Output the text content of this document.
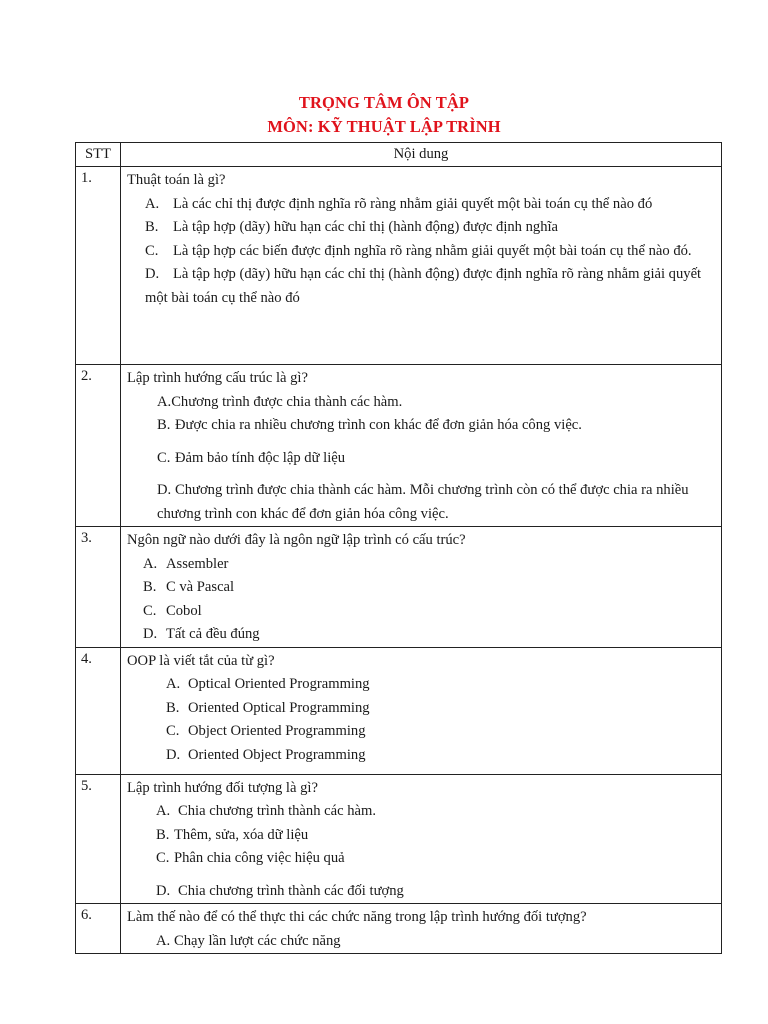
TRỌNG TÂM ÔN TẬP
MÔN: KỸ THUẬT LẬP TRÌNH
STT	Nội dung
1.	Thuật toán là gì?
A. Là các chỉ thị được định nghĩa rõ ràng nhằm giải quyết một bài toán cụ thể nào đó
B. Là tập hợp (dãy) hữu hạn các chỉ thị (hành động) được định nghĩa
C. Là tập hợp các biến được định nghĩa rõ ràng nhằm giải quyết một bài toán cụ thể nào đó.
D. Là tập hợp (dãy) hữu hạn các chỉ thị (hành động) được định nghĩa rõ ràng nhằm giải quyết một bài toán cụ thể nào đó

2.	Lập trình hướng cấu trúc là gì?
A.Chương trình được chia thành các hàm.
B. Được chia ra nhiều chương trình con khác để đơn giản hóa công việc.
C. Đảm bảo tính độc lập dữ liệu
D. Chương trình được chia thành các hàm. Mỗi chương trình còn có thể được chia ra nhiều chương trình con khác để đơn giản hóa công việc.

3.	Ngôn ngữ nào dưới đây là ngôn ngữ lập trình có cấu trúc?
A. Assembler
B. C và Pascal
C. Cobol
D. Tất cả đều đúng

4.	OOP là viết tắt của từ gì?
A. Optical Oriented Programming
B. Oriented Optical Programming
C. Object Oriented Programming
D. Oriented Object Programming

5.	Lập trình hướng đối tượng là gì?
A. Chia chương trình thành các hàm.
B. Thêm, sửa, xóa dữ liệu
C. Phân chia công việc hiệu quả
D. Chia chương trình thành các đối tượng

6.	Làm thế nào để có thể thực thi các chức năng trong lập trình hướng đối tượng?
A. Chạy lần lượt các chức năng
